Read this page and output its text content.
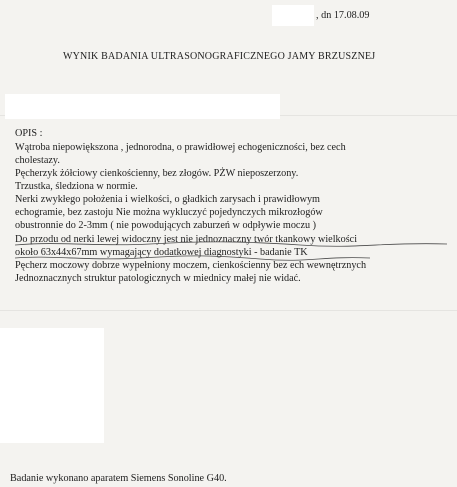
, dn 17.08.09
WYNIK BADANIA ULTRASONOGRAFICZNEGO JAMY BRZUSZNEJ
OPIS :
Wątroba niepowiększona , jednorodna, o prawidłowej echogeniczności, bez cech
cholestazy.
Pęcherzyk żółciowy cienkościenny, bez złogów. PŻW nieposzerzony.
Trzustka, śledziona w normie.
Nerki zwykłego położenia i wielkości, o gładkich zarysach i prawidłowym
echogramie, bez zastoju Nie można wykluczyć pojedynczych mikrozłogów
obustronnie do 2-3mm ( nie powodujących zaburzeń w odpływie moczu )
Do przodu od nerki lewej widoczny jest nie jednoznaczny twór tkankowy wielkości
około 63x44x67mm wymagający dodatkowej diagnostyki - badanie TK
Pęcherz moczowy dobrze wypełniony moczem, cienkościenny bez ech wewnętrznych
Jednoznacznych struktur patologicznych w miednicy małej nie widać.
Badanie wykonano aparatem Siemens Sonoline G40.
